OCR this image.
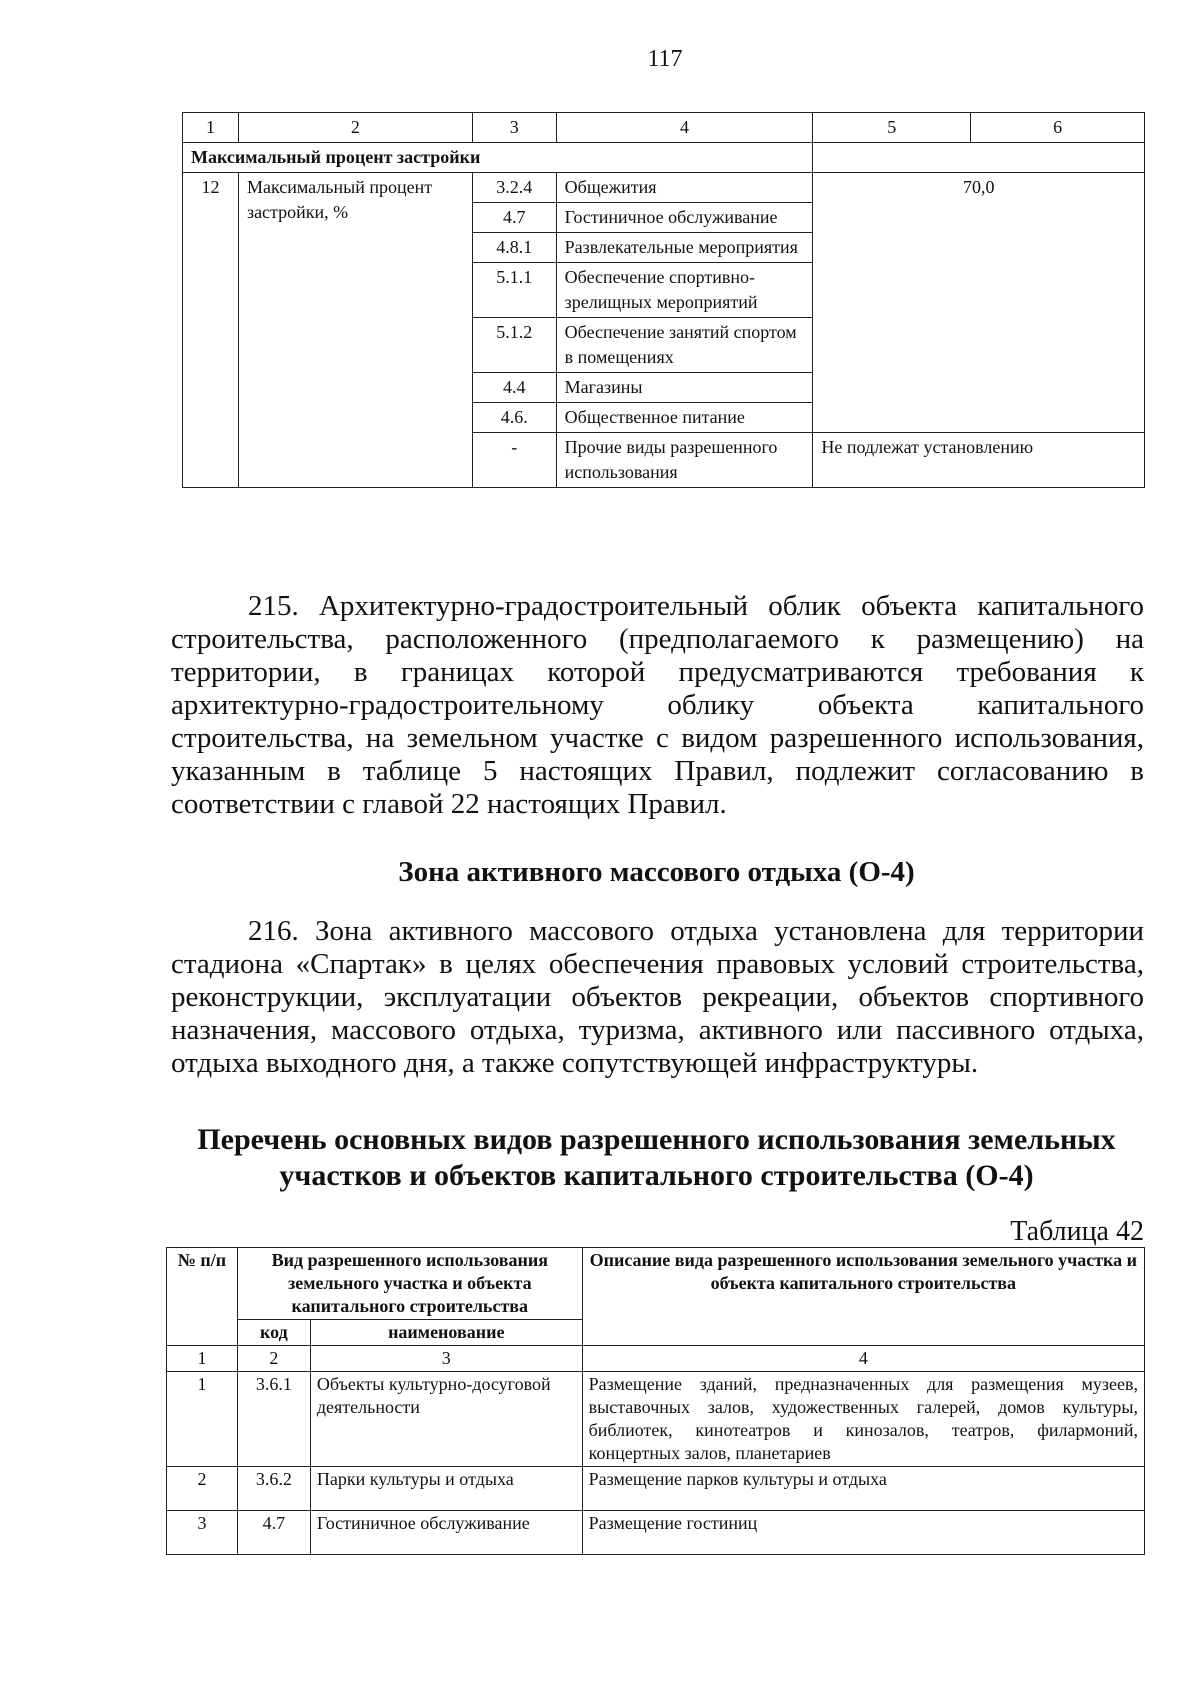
117
1	2	3	4	5	6
Максимальный процент застройки					
12	Максимальный процент застройки, %	3.2.4	Общежития	70,0	
		4.7	Гостиничное обслуживание		
		4.8.1	Развлекательные мероприятия		
		5.1.1	Обеспечение спортивно-зрелищных мероприятий		
		5.1.2	Обеспечение занятий спортом в помещениях		
		4.4	Магазины		
		4.6.	Общественное питание		
		-	Прочие виды разрешенного использования	Не подлежат установлению	

215. Архитектурно-градостроительный облик объекта капитального строительства, расположенного (предполагаемого к размещению) на территории, в границах которой предусматриваются требования к архитектурно-градостроительному облику объекта капитального строительства, на земельном участке с видом разрешенного использования, указанным в таблице 5 настоящих Правил, подлежит согласованию в соответствии с главой 22 настоящих Правил.

Зона активного массового отдыха (О-4)

216. Зона активного массового отдыха установлена для территории стадиона «Спартак» в целях обеспечения правовых условий строительства, реконструкции, эксплуатации объектов рекреации, объектов спортивного назначения, массового отдыха, туризма, активного или пассивного отдыха, отдыха выходного дня, а также сопутствующей инфраструктуры.

Перечень основных видов разрешенного использования земельных
участков и объектов капитального строительства (О-4)
Таблица 42
№ п/п	Вид разрешенного использования земельного участка и объекта капитального строительства		Описание вида разрешенного использования земельного участка и объекта капитального строительства
	код	наименование	
1	2	3	4
1	3.6.1	Объекты культурно-досуговой деятельности	Размещение зданий, предназначенных для размещения музеев, выставочных залов, художественных галерей, домов культуры, библиотек, кинотеатров и кинозалов, театров, филармоний, концертных залов, планетариев
2	3.6.2	Парки культуры и отдыха	Размещение парков культуры и отдыха
3	4.7	Гостиничное обслуживание	Размещение гостиниц
